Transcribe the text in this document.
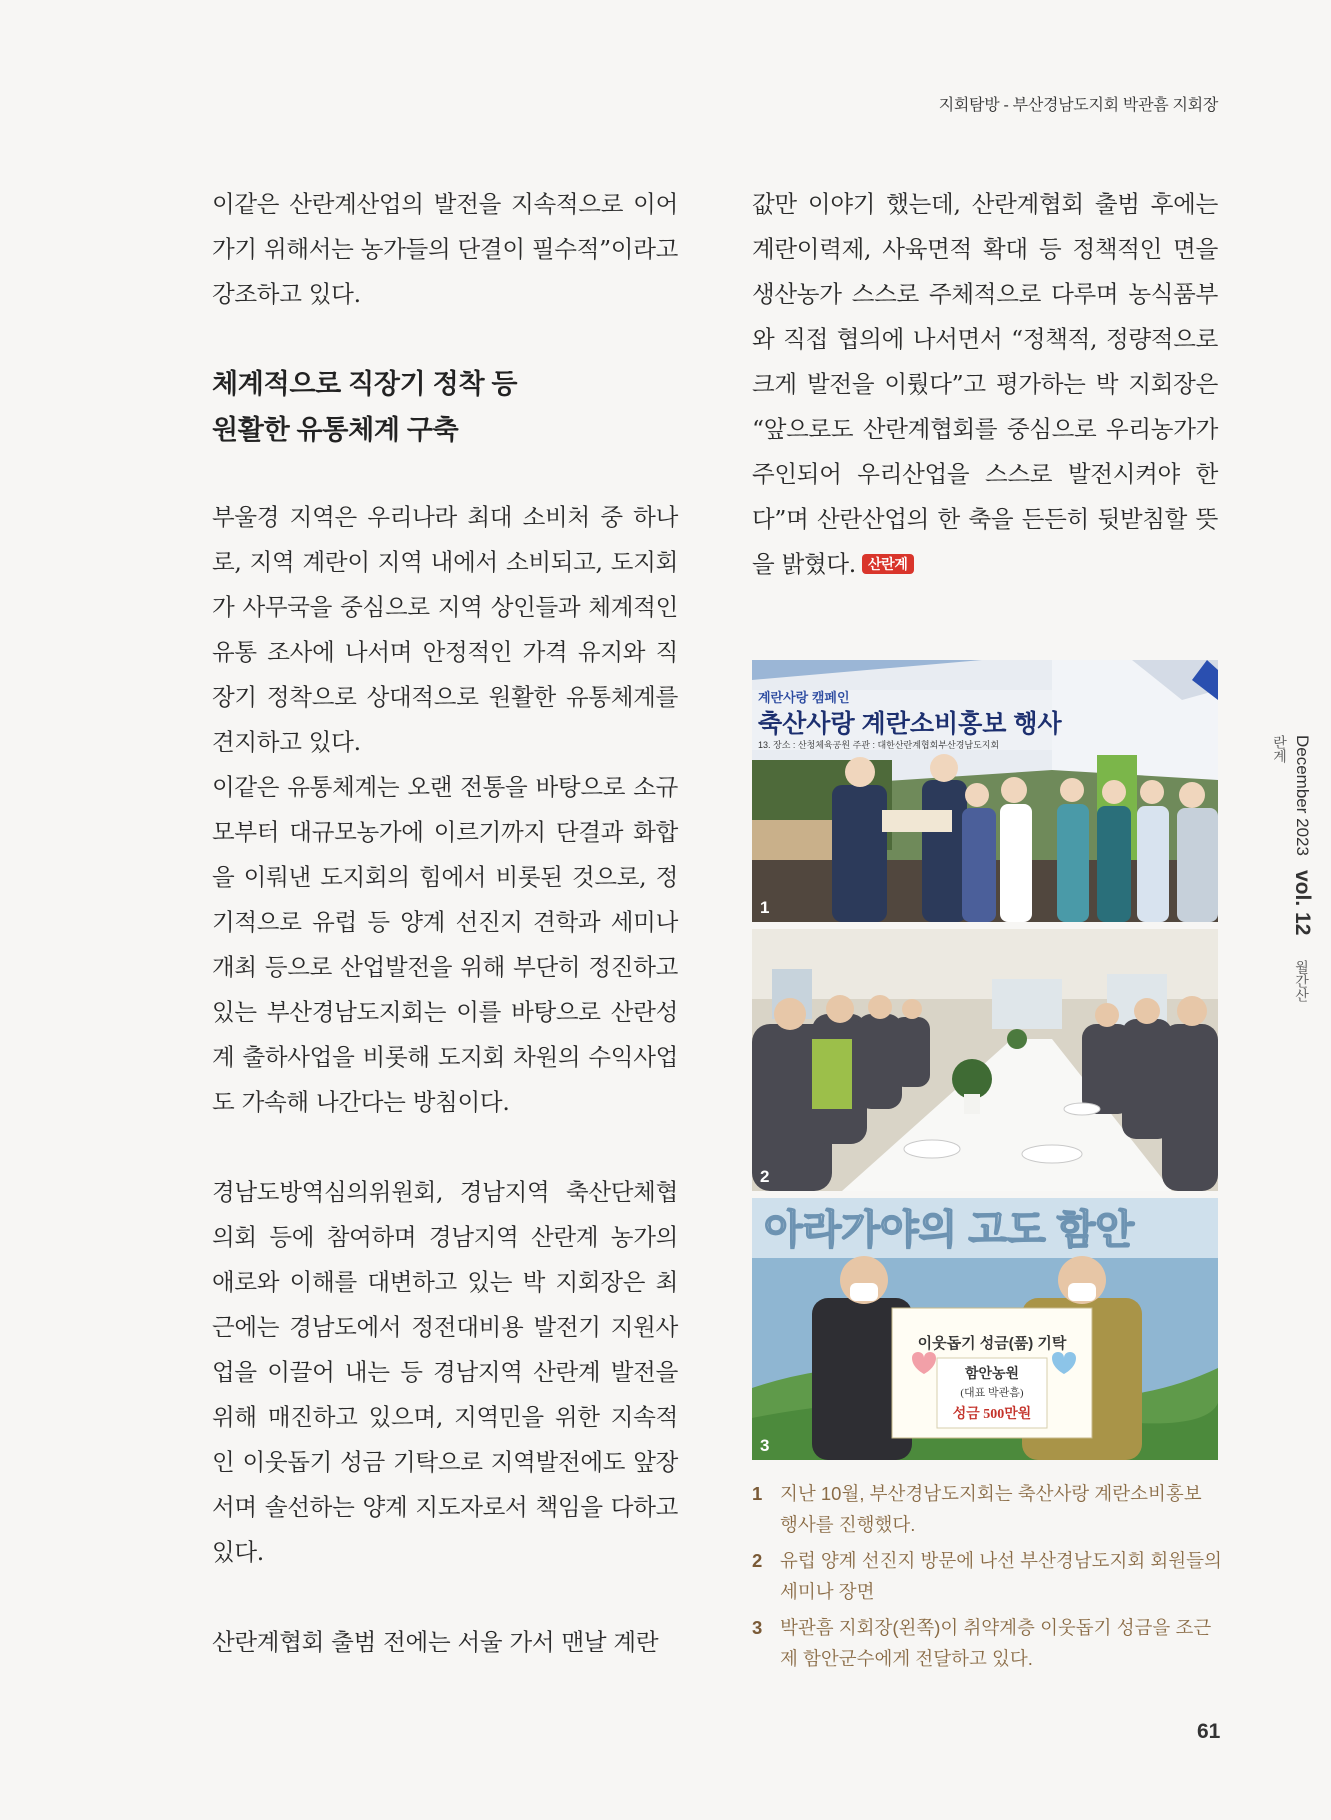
지회탐방 - 부산경남도지회 박관흠 지회장

이같은 산란계산업의 발전을 지속적으로 이어가기 위해서는 농가들의 단결이 필수적”이라고 강조하고 있다.

체계적으로 직장기 정착 등
원활한 유통체계 구축

부울경 지역은 우리나라 최대 소비처 중 하나로, 지역 계란이 지역 내에서 소비되고, 도지회가 사무국을 중심으로 지역 상인들과 체계적인 유통 조사에 나서며 안정적인 가격 유지와 직장기 정착으로 상대적으로 원활한 유통체계를 견지하고 있다.

이같은 유통체계는 오랜 전통을 바탕으로 소규모부터 대규모농가에 이르기까지 단결과 화합을 이뤄낸 도지회의 힘에서 비롯된 것으로, 정기적으로 유럽 등 양계 선진지 견학과 세미나 개최 등으로 산업발전을 위해 부단히 정진하고 있는 부산경남도지회는 이를 바탕으로 산란성계 출하사업을 비롯해 도지회 차원의 수익사업도 가속해 나간다는 방침이다.

경남도방역심의위원회, 경남지역 축산단체협의회 등에 참여하며 경남지역 산란계 농가의 애로와 이해를 대변하고 있는 박 지회장은 최근에는 경남도에서 정전대비용 발전기 지원사업을 이끌어 내는 등 경남지역 산란계 발전을 위해 매진하고 있으며, 지역민을 위한 지속적인 이웃돕기 성금 기탁으로 지역발전에도 앞장서며 솔선하는 양계 지도자로서 책임을 다하고 있다.

산란계협회 출범 전에는 서울 가서 맨날 계란

값만 이야기 했는데, 산란계협회 출범 후에는 계란이력제, 사육면적 확대 등 정책적인 면을 생산농가 스스로 주체적으로 다루며 농식품부와 직접 협의에 나서면서 “정책적, 정량적으로 크게 발전을 이뤘다”고 평가하는 박 지회장은 “앞으로도 산란계협회를 중심으로 우리농가가 주인되어 우리산업을 스스로 발전시켜야 한다”며 산란산업의 한 축을 든든히 뒷받침할 뜻을 밝혔다. 산란계

계란사랑 캠페인
축산사랑 계란소비홍보 행사
13. 장소 : 산청체육공원 주관 : 대한산란계협회부산경남도지회
1
2
아라가야의 고도 함안
이웃돕기 성금(품) 기탁
함안농원
(대표 박관흠)
성금 500만원
3
1 지난 10월, 부산경남도지회는 축산사랑 계란소비홍보 행사를 진행했다.
2 유럽 양계 선진지 방문에 나선 부산경남도지회 회원들의 세미나 장면
3 박관흠 지회장(왼쪽)이 취약계층 이웃돕기 성금을 조근제 함안군수에게 전달하고 있다.
December 2023 vol. 12 월간산란계
61
